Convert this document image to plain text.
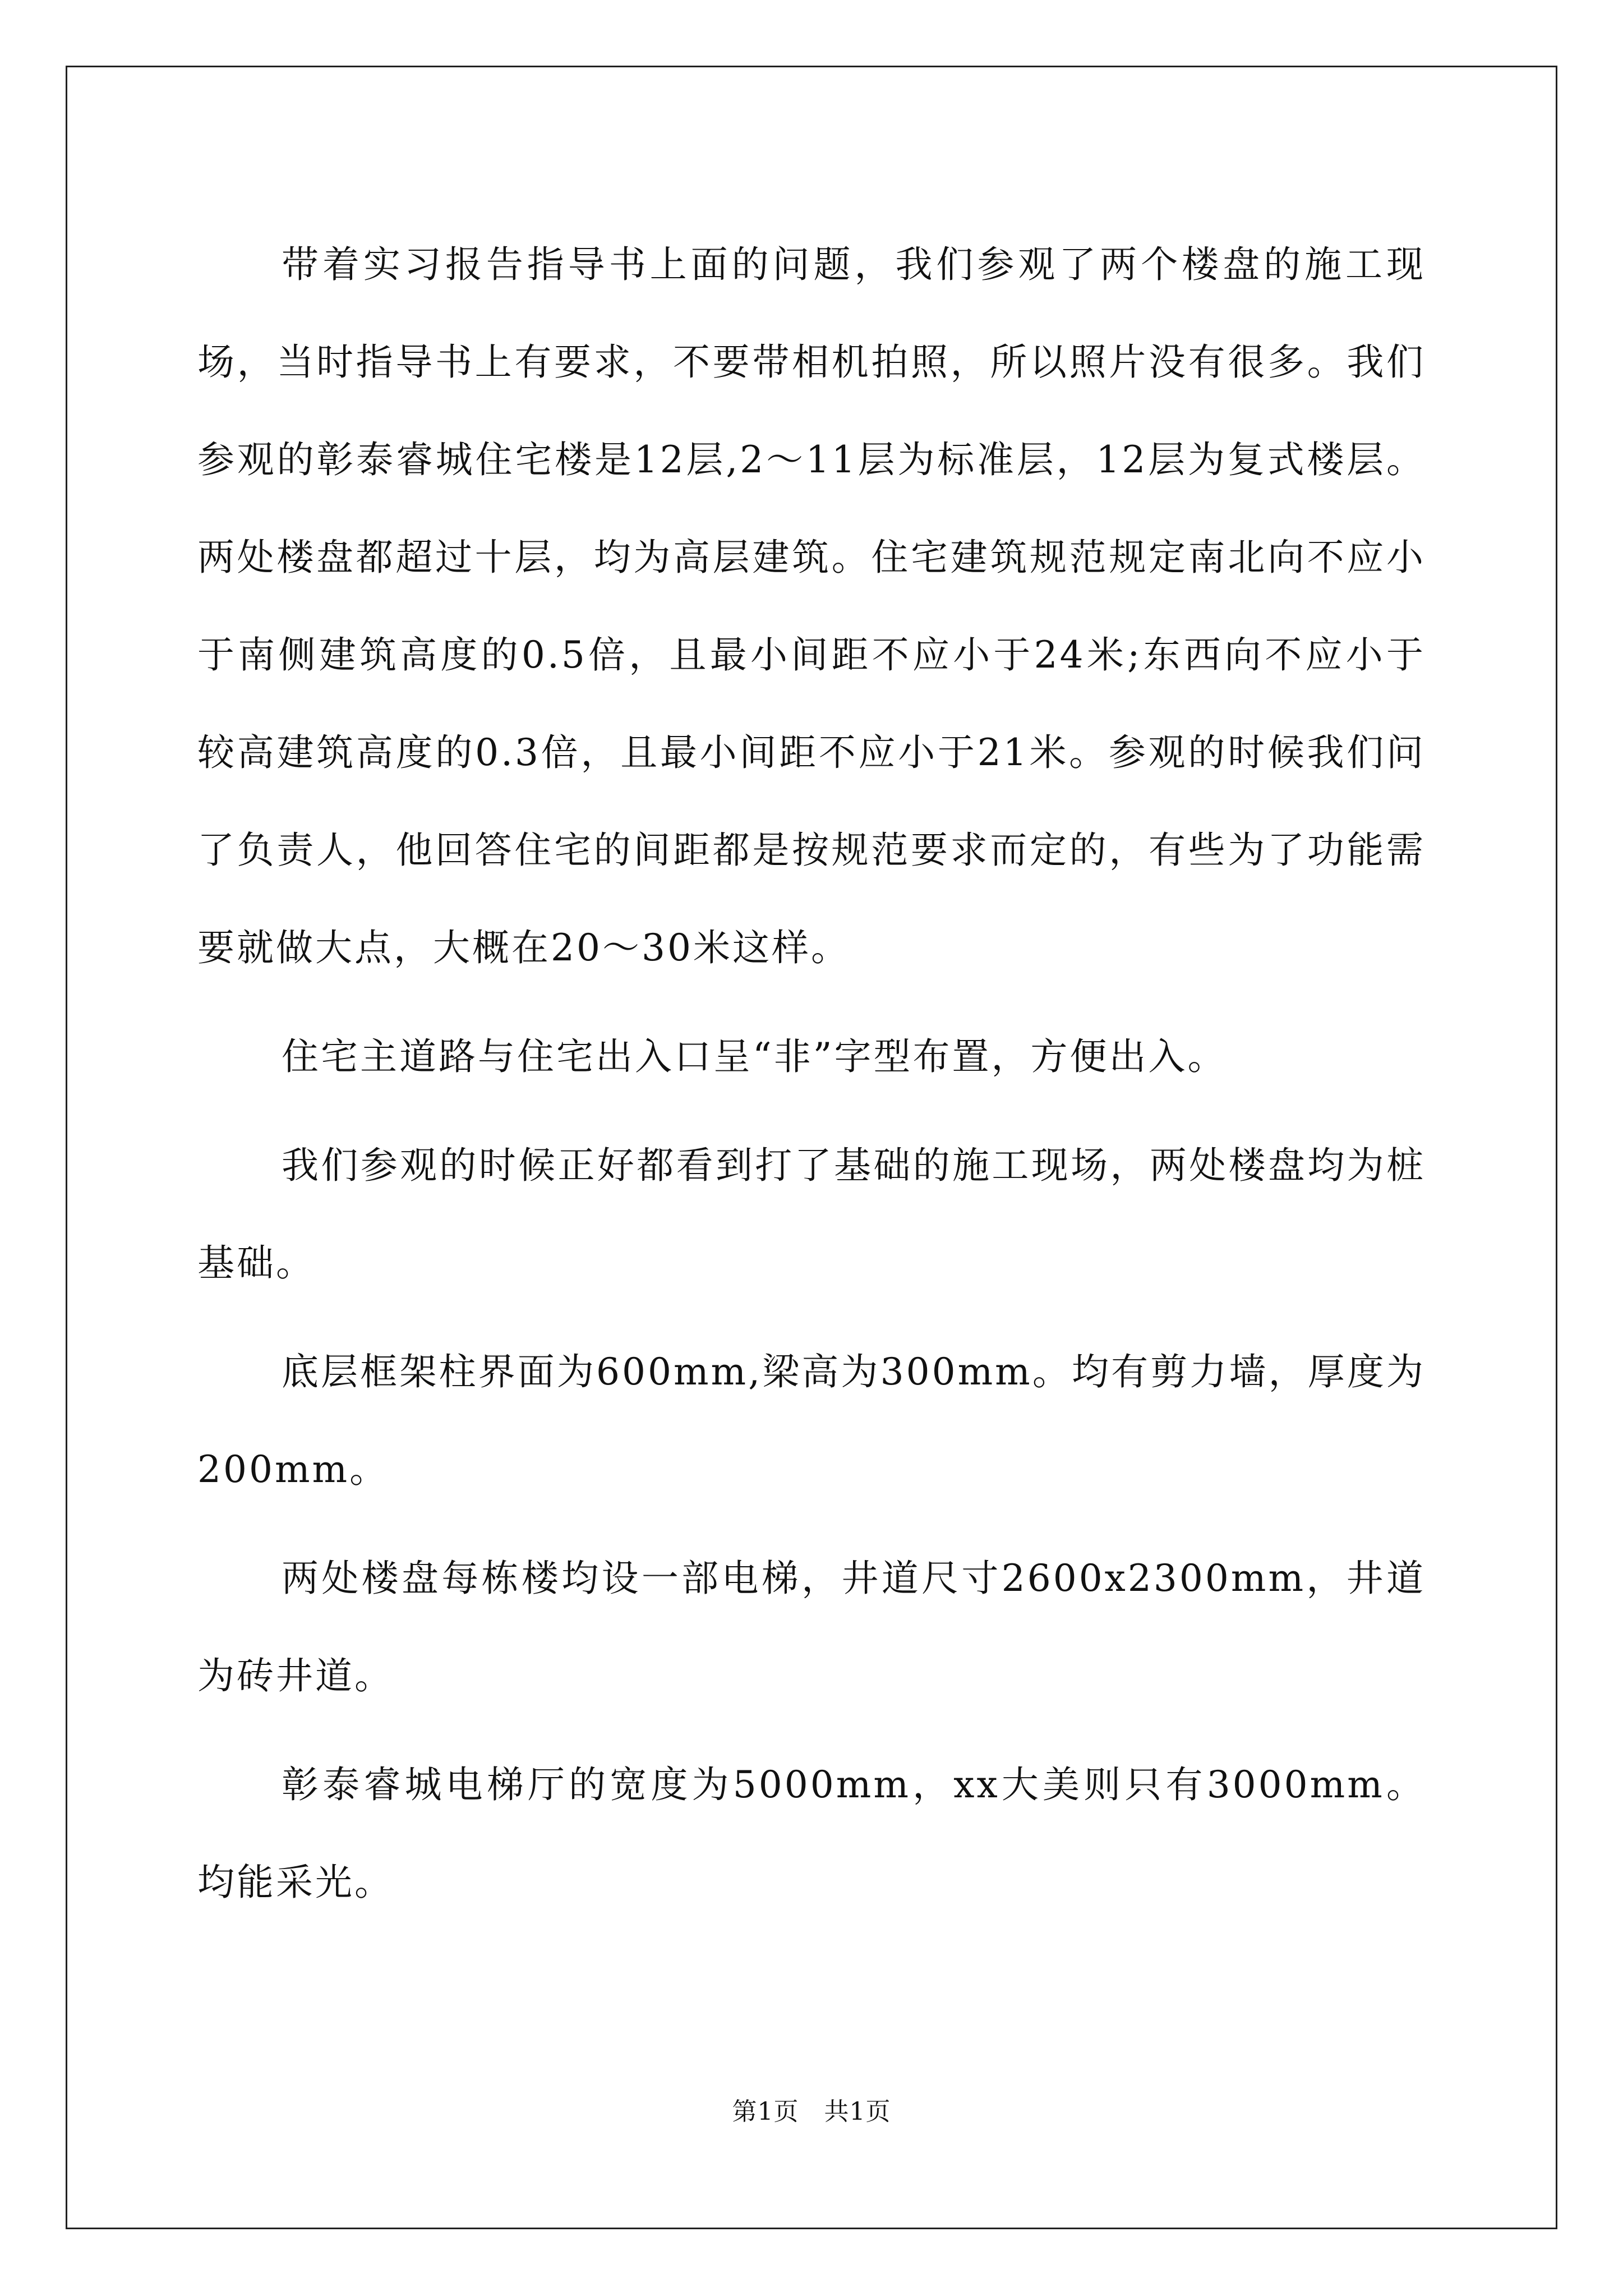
带着实习报告指导书上面的问题，我们参观了两个楼盘的施工现场，当时指导书上有要求，不要带相机拍照，所以照片没有很多。我们参观的彰泰睿城住宅楼是12层,2～11层为标准层，12层为复式楼层。两处楼盘都超过十层，均为高层建筑。住宅建筑规范规定南北向不应小于南侧建筑高度的0.5倍，且最小间距不应小于24米;东西向不应小于较高建筑高度的0.3倍，且最小间距不应小于21米。参观的时候我们问了负责人，他回答住宅的间距都是按规范要求而定的，有些为了功能需要就做大点，大概在20～30米这样。

住宅主道路与住宅出入口呈“非”字型布置，方便出入。

我们参观的时候正好都看到打了基础的施工现场，两处楼盘均为桩基础。

底层框架柱界面为600mm,梁高为300mm。均有剪力墙，厚度为200mm。

两处楼盘每栋楼均设一部电梯，井道尺寸2600x2300mm，井道为砖井道。

彰泰睿城电梯厅的宽度为5000mm，xx大美则只有3000mm。均能采光。

第1页 共1页
